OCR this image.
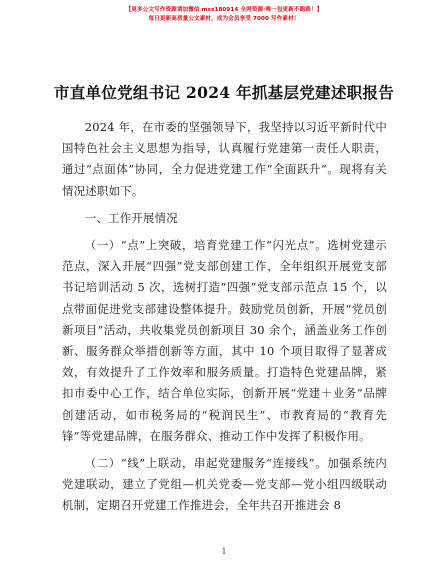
【更多公文写作资源请加微信 mss180914 全网资源·唯一包更新不跑路！】
每日更新高质量公文素材，成为会员享受 7000 写作素材！
市直单位党组书记 2024 年抓基层党建述职报告

2024 年，在市委的坚强领导下，我坚持以习近平新时代中国特色社会主义思想为指导，认真履行党建第一责任人职责，通过“点面体”协同，全力促进党建工作“全面跃升”。现将有关情况述职如下。

一、工作开展情况

（一）“点”上突破，培育党建工作“闪光点”。选树党建示范点，深入开展“四强”党支部创建工作，全年组织开展党支部书记培训活动 5 次，选树打造“四强”党支部示范点 15 个，以点带面促进党支部建设整体提升。鼓励党员创新，开展“党员创新项目”活动，共收集党员创新项目 30 余个，涵盖业务工作创新、服务群众举措创新等方面，其中 10 个项目取得了显著成效，有效提升了工作效率和服务质量。打造特色党建品牌，紧扣市委中心工作，结合单位实际，创新开展“党建＋业务”品牌创建活动，如市税务局的“税润民生”、市教育局的“教育先锋”等党建品牌，在服务群众、推动工作中发挥了积极作用。

（二）“线”上联动，串起党建服务“连接线”。加强系统内党建联动，建立了党组—机关党委—党支部—党小组四级联动机制，定期召开党建工作推进会，全年共召开推进会 8

1
